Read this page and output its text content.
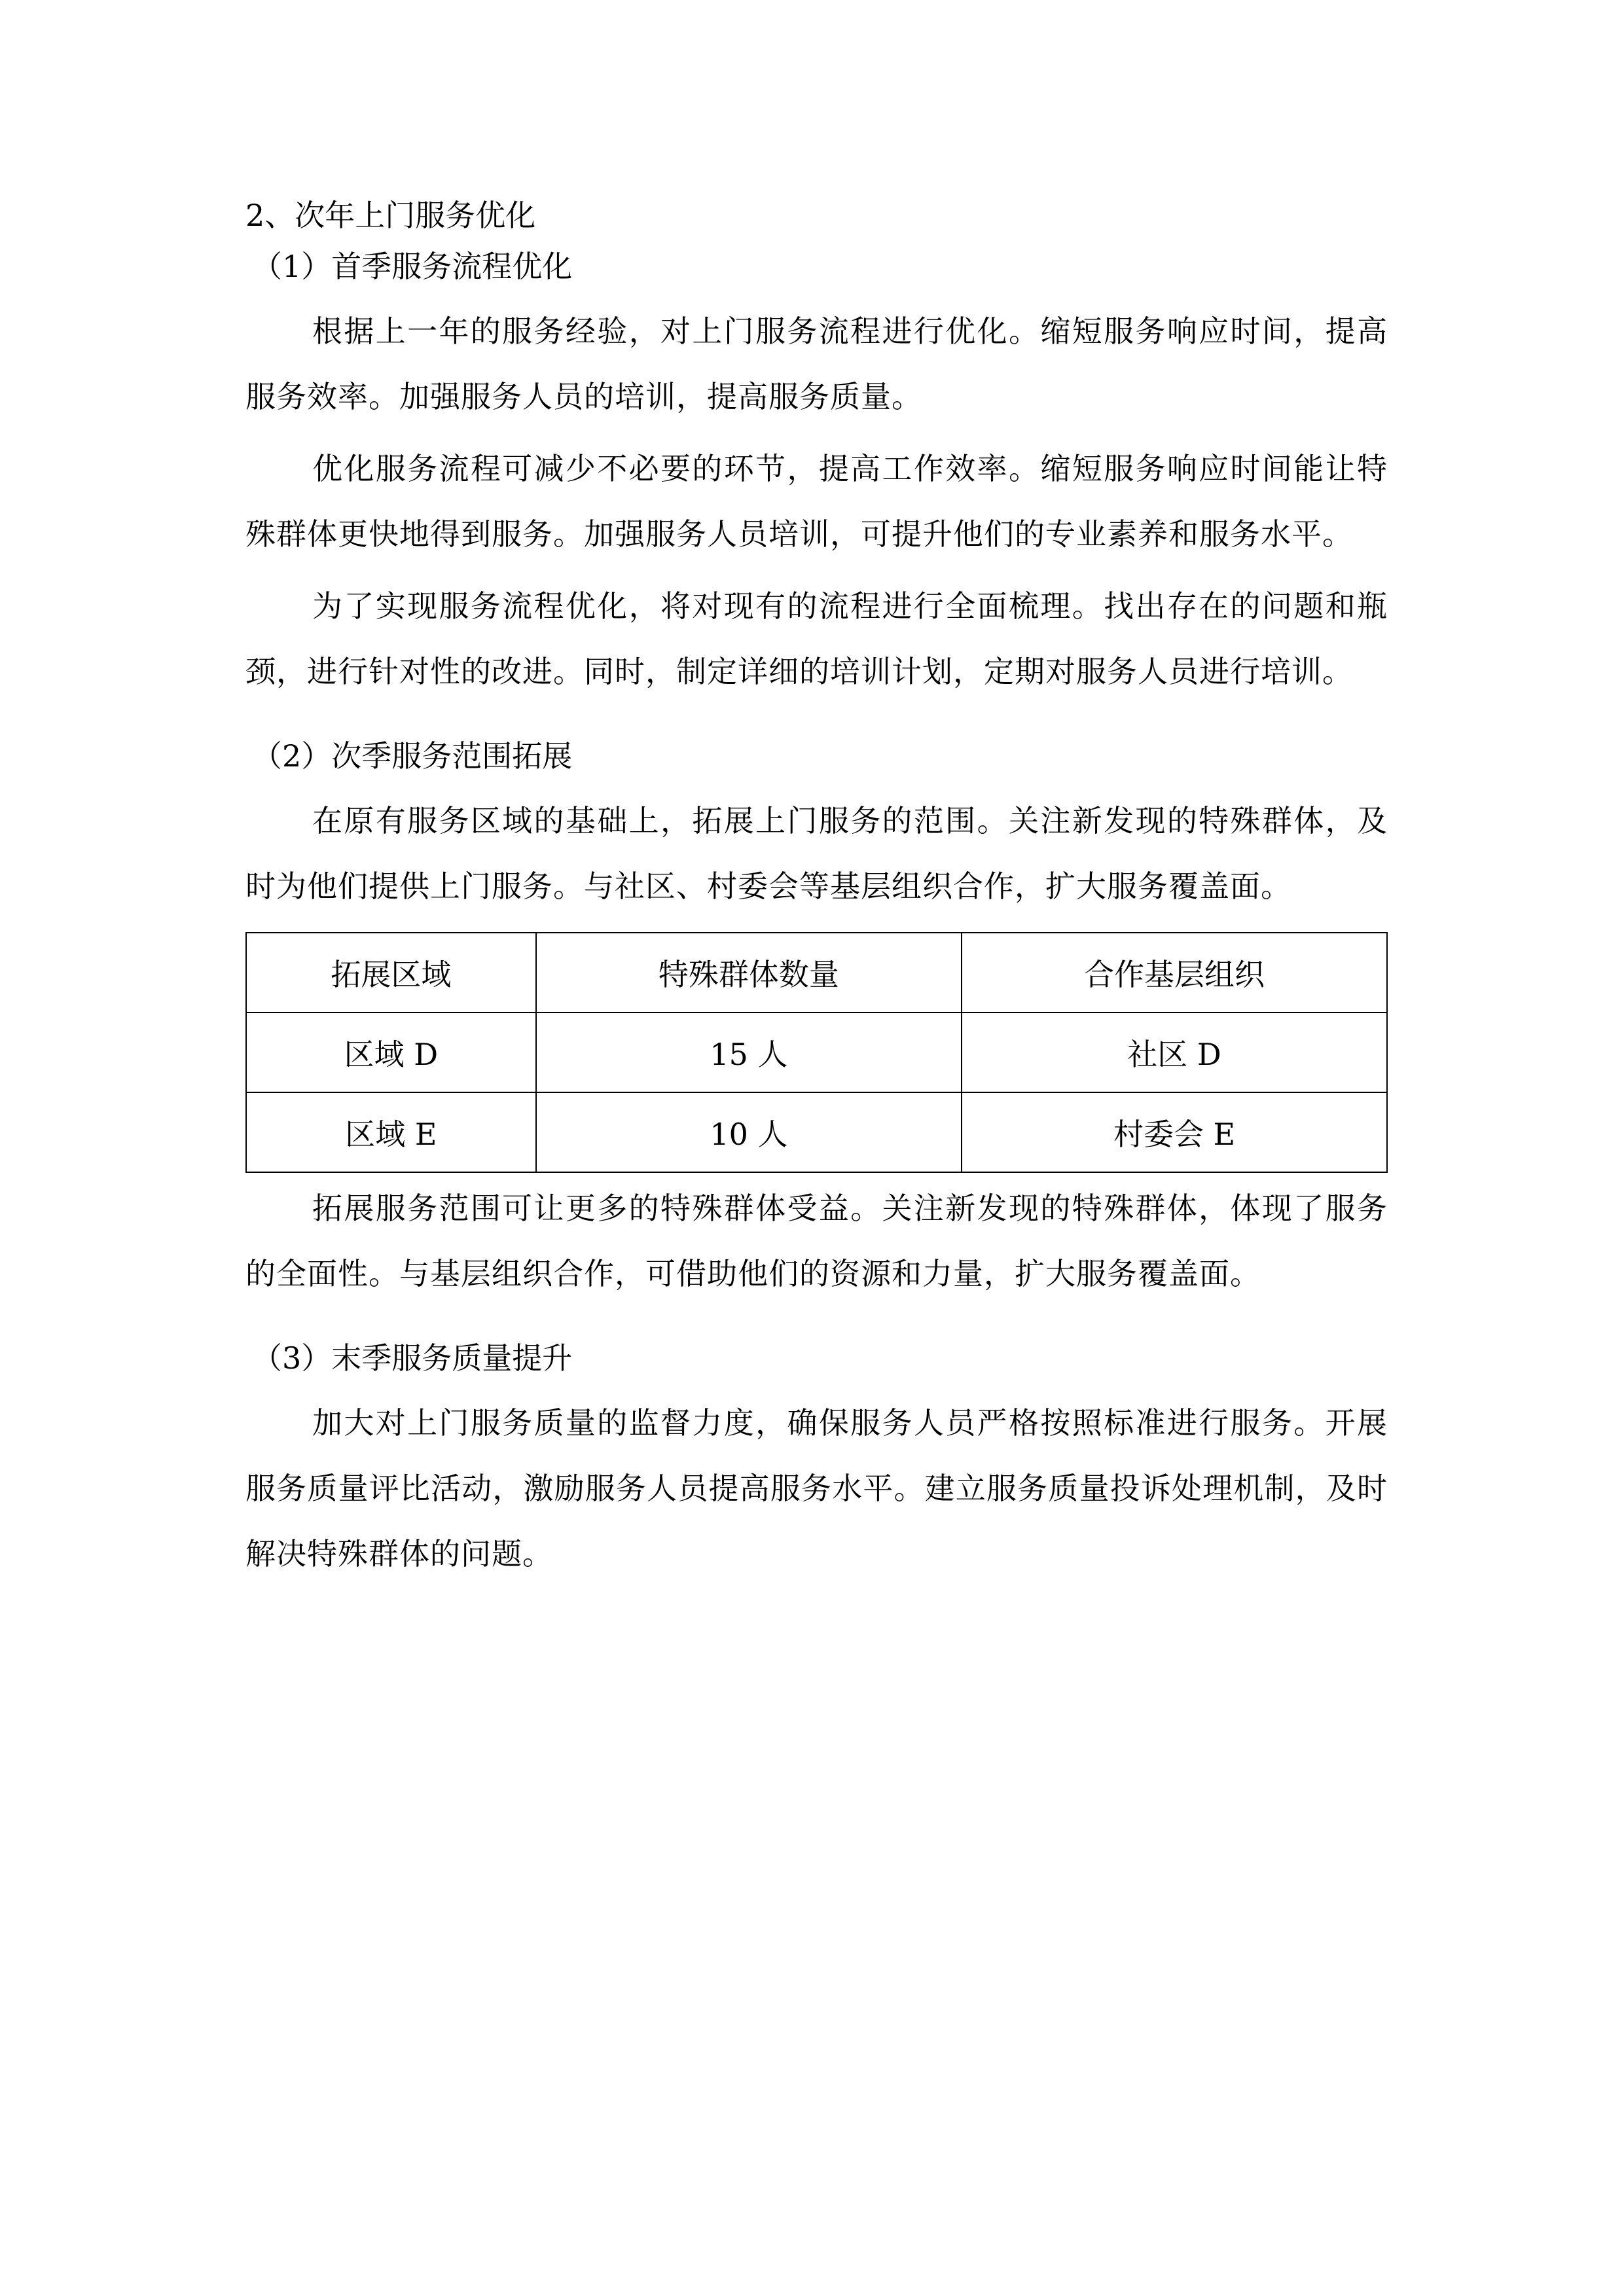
2、次年上门服务优化

（1）首季服务流程优化

根据上一年的服务经验，对上门服务流程进行优化。缩短服务响应时间，提高服务效率。加强服务人员的培训，提高服务质量。

优化服务流程可减少不必要的环节，提高工作效率。缩短服务响应时间能让特殊群体更快地得到服务。加强服务人员培训，可提升他们的专业素养和服务水平。

为了实现服务流程优化，将对现有的流程进行全面梳理。找出存在的问题和瓶颈，进行针对性的改进。同时，制定详细的培训计划，定期对服务人员进行培训。

（2）次季服务范围拓展

在原有服务区域的基础上，拓展上门服务的范围。关注新发现的特殊群体，及时为他们提供上门服务。与社区、村委会等基层组织合作，扩大服务覆盖面。

拓展区域	特殊群体数量	合作基层组织
区域 D	15 人	社区 D
区域 E	10 人	村委会 E

拓展服务范围可让更多的特殊群体受益。关注新发现的特殊群体，体现了服务的全面性。与基层组织合作，可借助他们的资源和力量，扩大服务覆盖面。

（3）末季服务质量提升

加大对上门服务质量的监督力度，确保服务人员严格按照标准进行服务。开展服务质量评比活动，激励服务人员提高服务水平。建立服务质量投诉处理机制，及时解决特殊群体的问题。
